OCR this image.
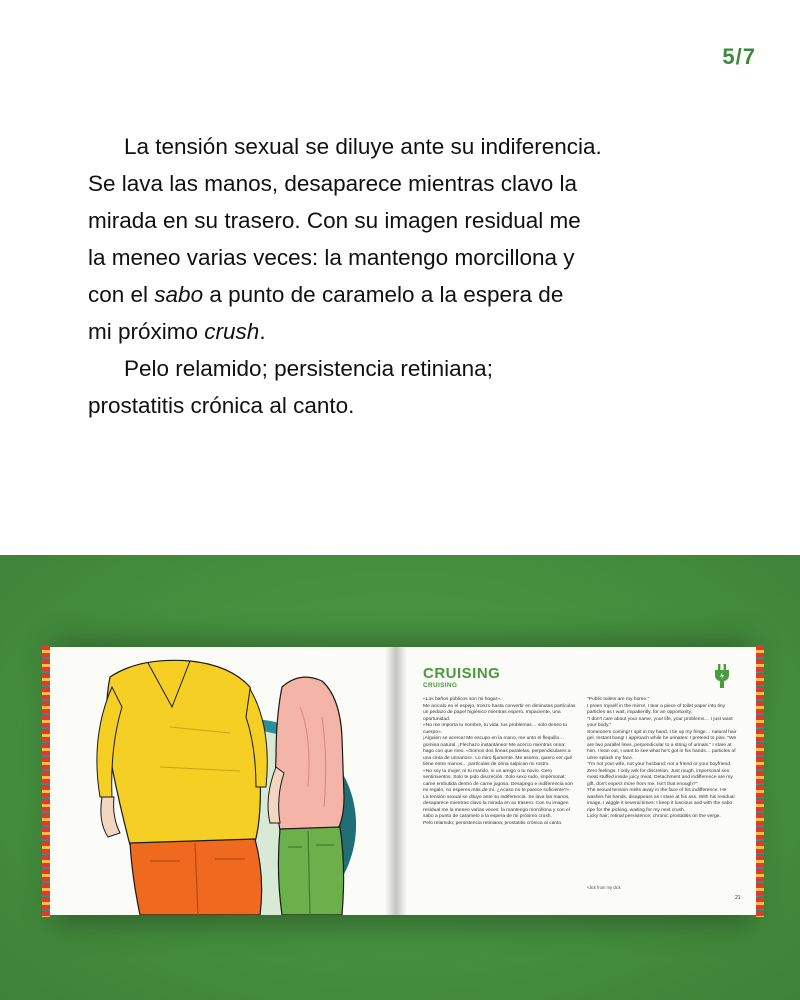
5/7

La tensión sexual se diluye ante su indiferencia.
Se lava las manos, desaparece mientras clavo la
mirada en su trasero. Con su imagen residual me
la meneo varias veces: la mantengo morcillona y
con el sabo a punto de caramelo a la espera de
mi próximo crush.

Pelo relamido; persistencia retiniana;
prostatitis crónica al canto.

CRUISING
CRUISING

«Los baños públicos son mi hogar».

Me acicalo en el espejo, tronzo hasta convertir en diminutas partículas un pedazo de papel higiénico mientras espero. Impaciente, una oportunidad.

«No me importa tu nombre, tu vida, tus problemas… solo deseo tu cuerpo».

¡Alguien se acerca! Me escupo en la mano, me unto el flequillo… gomina natural. ¡Flechazo instantáneo! Me acerco mientras orina: hago con que meo. «Somos dos líneas paralelas, perpendiculares a una cinta de urinarios». Lo miro fijamente. Me asomo, quiero ver qué tiene entre manos… partículas de orina salpican mi rostro.

«No soy tu mujer, ni tu marido, ni un amigo o tu novio. Cero sentimientos. Solo te pido discreción. Solo sexo rudo, impersonal; carne embutida dentro de carne jugosa. Desapego e indiferencia son mi regalo, no esperes más de mí. ¿Acaso no te parece suficiente?».

La tensión sexual se diluye ante su indiferencia. Se lava las manos, desaparece mientras clavo la mirada en su trasero. Con su imagen residual me la meneo varias veces: la mantengo morcillona y con el sabo a punto de caramelo a la espera de mi próximo crush.

Pelo relamido; persistencia retiniana; prostatitis crónica al canto.

"Public toilets are my home."

I preen myself in the mirror, I tear a piece of toilet paper into tiny particles as I wait, impatiently, for an opportunity.

"I don't care about your name, your life, your problems… I just want your body."

Someone's coming! I spit in my hand, I tie up my fringe… natural hair gel. Instant bang! I approach while he urinates: I pretend to piss. "We are two parallel lines, perpendicular to a string of urinals." I stare at him. I lean out, I want to see what he's got in his hands… particles of urine splash my face.

"I'm not your wife, not your husband; not a friend or your boyfriend. Zero feelings. I only ask for discretion. Just rough, impersonal sex: meat stuffed inside juicy meat. Detachment and indifference are my gift, don't expect more from me. Isn't that enough?"

The sexual tension melts away in the face of his indifference. He washes his hands, disappears as I stare at his ass. With his residual image, I wiggle it several times: I keep it luscious and with the sabo ripe for the picking, waiting for my next crush.

Licky hair; retinal persistence; chronic prostatitis on the verge.

¹dick from my dick
21
